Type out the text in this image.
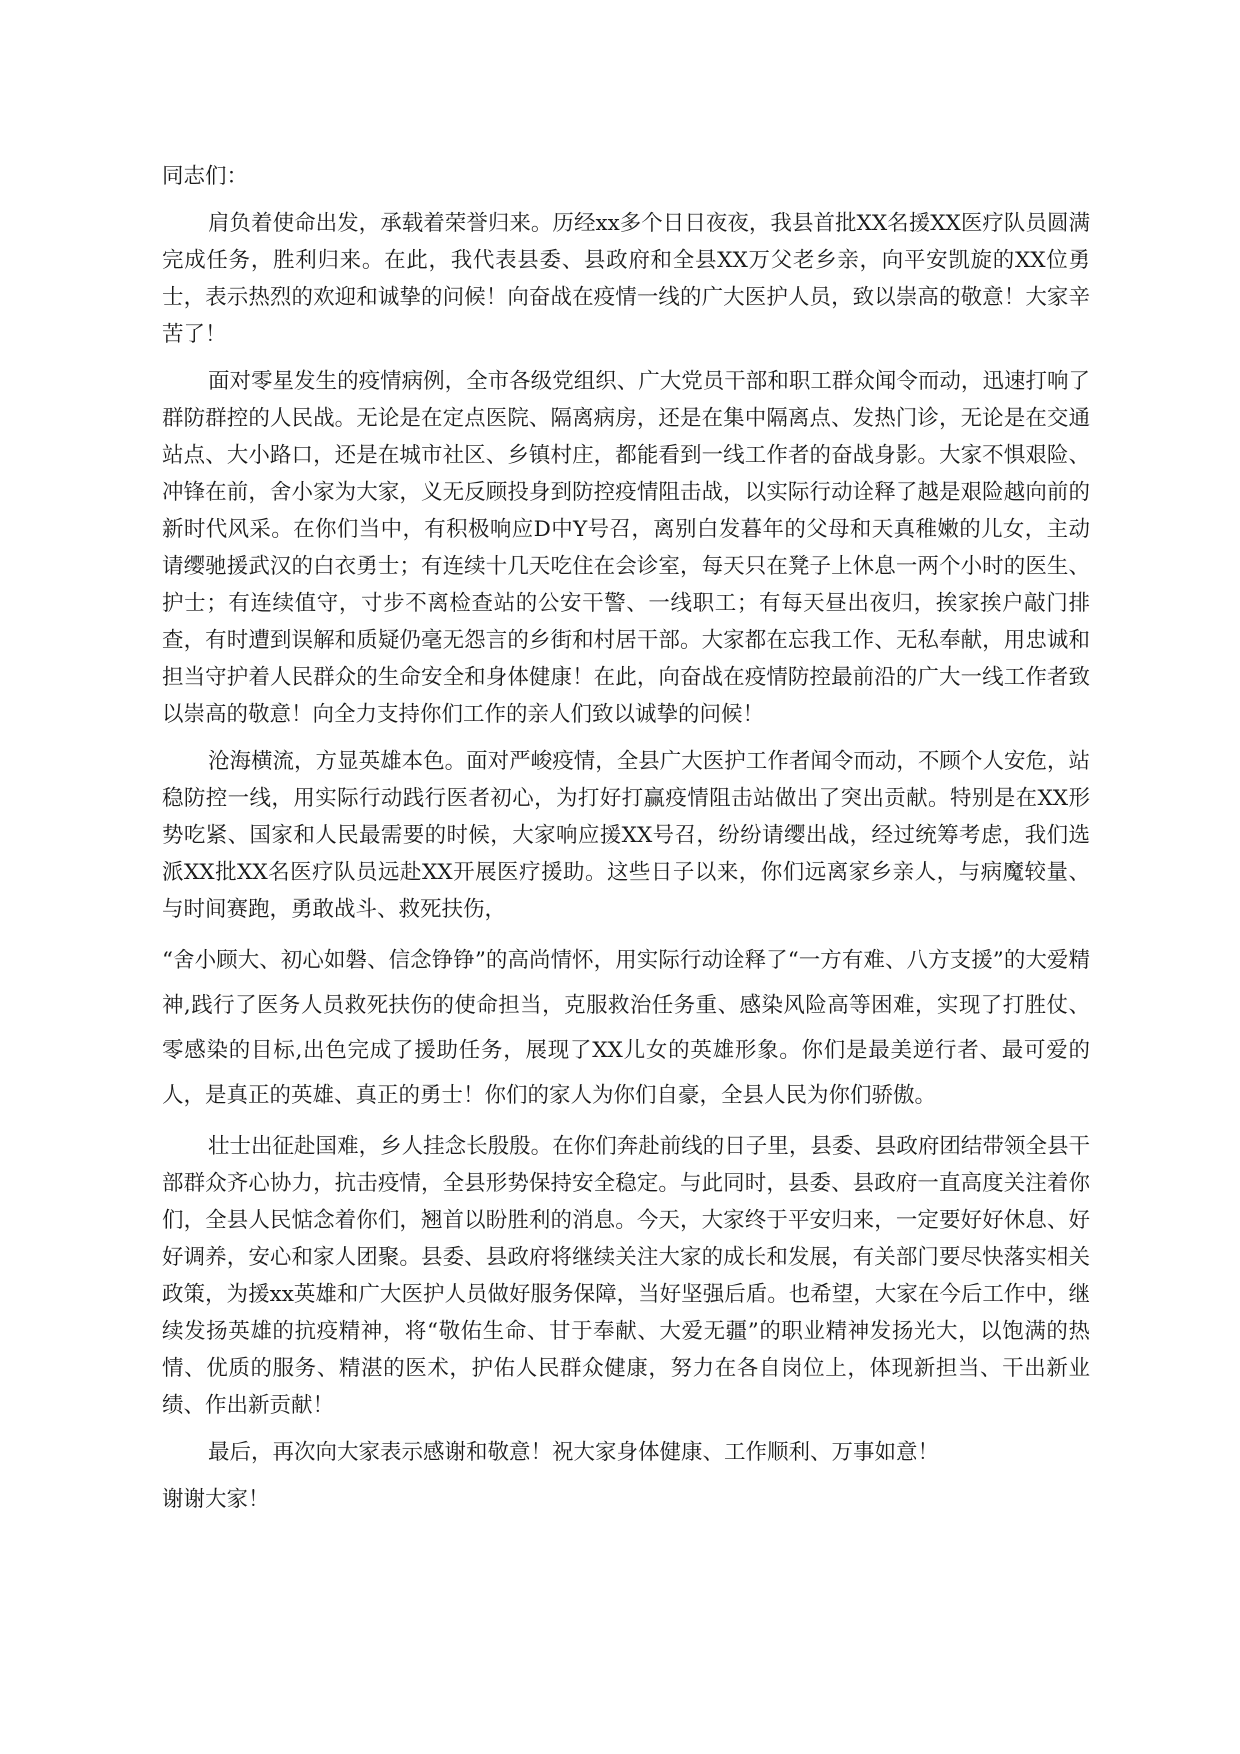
同志们：

肩负着使命出发，承载着荣誉归来。历经xx多个日日夜夜，我县首批XX名援XX医疗队员圆满完成任务，胜利归来。在此，我代表县委、县政府和全县XX万父老乡亲，向平安凯旋的XX位勇士，表示热烈的欢迎和诚挚的问候！向奋战在疫情一线的广大医护人员，致以崇高的敬意！大家辛苦了！

面对零星发生的疫情病例，全市各级党组织、广大党员干部和职工群众闻令而动，迅速打响了群防群控的人民战。无论是在定点医院、隔离病房，还是在集中隔离点、发热门诊，无论是在交通站点、大小路口，还是在城市社区、乡镇村庄，都能看到一线工作者的奋战身影。大家不惧艰险、冲锋在前，舍小家为大家，义无反顾投身到防控疫情阻击战，以实际行动诠释了越是艰险越向前的新时代风采。在你们当中，有积极响应D中Y号召，离别白发暮年的父母和天真稚嫩的儿女，主动请缨驰援武汉的白衣勇士；有连续十几天吃住在会诊室，每天只在凳子上休息一两个小时的医生、护士；有连续值守，寸步不离检查站的公安干警、一线职工；有每天昼出夜归，挨家挨户敲门排查，有时遭到误解和质疑仍毫无怨言的乡街和村居干部。大家都在忘我工作、无私奉献，用忠诚和担当守护着人民群众的生命安全和身体健康！在此，向奋战在疫情防控最前沿的广大一线工作者致以崇高的敬意！向全力支持你们工作的亲人们致以诚挚的问候！

沧海横流，方显英雄本色。面对严峻疫情，全县广大医护工作者闻令而动，不顾个人安危，站稳防控一线，用实际行动践行医者初心，为打好打赢疫情阻击站做出了突出贡献。特别是在XX形势吃紧、国家和人民最需要的时候，大家响应援XX号召，纷纷请缨出战，经过统筹考虑，我们选派XX批XX名医疗队员远赴XX开展医疗援助。这些日子以来，你们远离家乡亲人，与病魔较量、与时间赛跑，勇敢战斗、救死扶伤，

“舍小顾大、初心如磐、信念铮铮”的高尚情怀，用实际行动诠释了“一方有难、八方支援”的大爱精神,践行了医务人员救死扶伤的使命担当，克服救治任务重、感染风险高等困难，实现了打胜仗、零感染的目标,出色完成了援助任务，展现了XX儿女的英雄形象。你们是最美逆行者、最可爱的人，是真正的英雄、真正的勇士！你们的家人为你们自豪，全县人民为你们骄傲。

壮士出征赴国难，乡人挂念长殷殷。在你们奔赴前线的日子里，县委、县政府团结带领全县干部群众齐心协力，抗击疫情，全县形势保持安全稳定。与此同时，县委、县政府一直高度关注着你们，全县人民惦念着你们，翘首以盼胜利的消息。今天，大家终于平安归来，一定要好好休息、好好调养，安心和家人团聚。县委、县政府将继续关注大家的成长和发展，有关部门要尽快落实相关政策，为援xx英雄和广大医护人员做好服务保障，当好坚强后盾。也希望，大家在今后工作中，继续发扬英雄的抗疫精神，将“敬佑生命、甘于奉献、大爱无疆”的职业精神发扬光大，以饱满的热情、优质的服务、精湛的医术，护佑人民群众健康，努力在各自岗位上，体现新担当、干出新业绩、作出新贡献！

最后，再次向大家表示感谢和敬意！祝大家身体健康、工作顺利、万事如意！

谢谢大家！
